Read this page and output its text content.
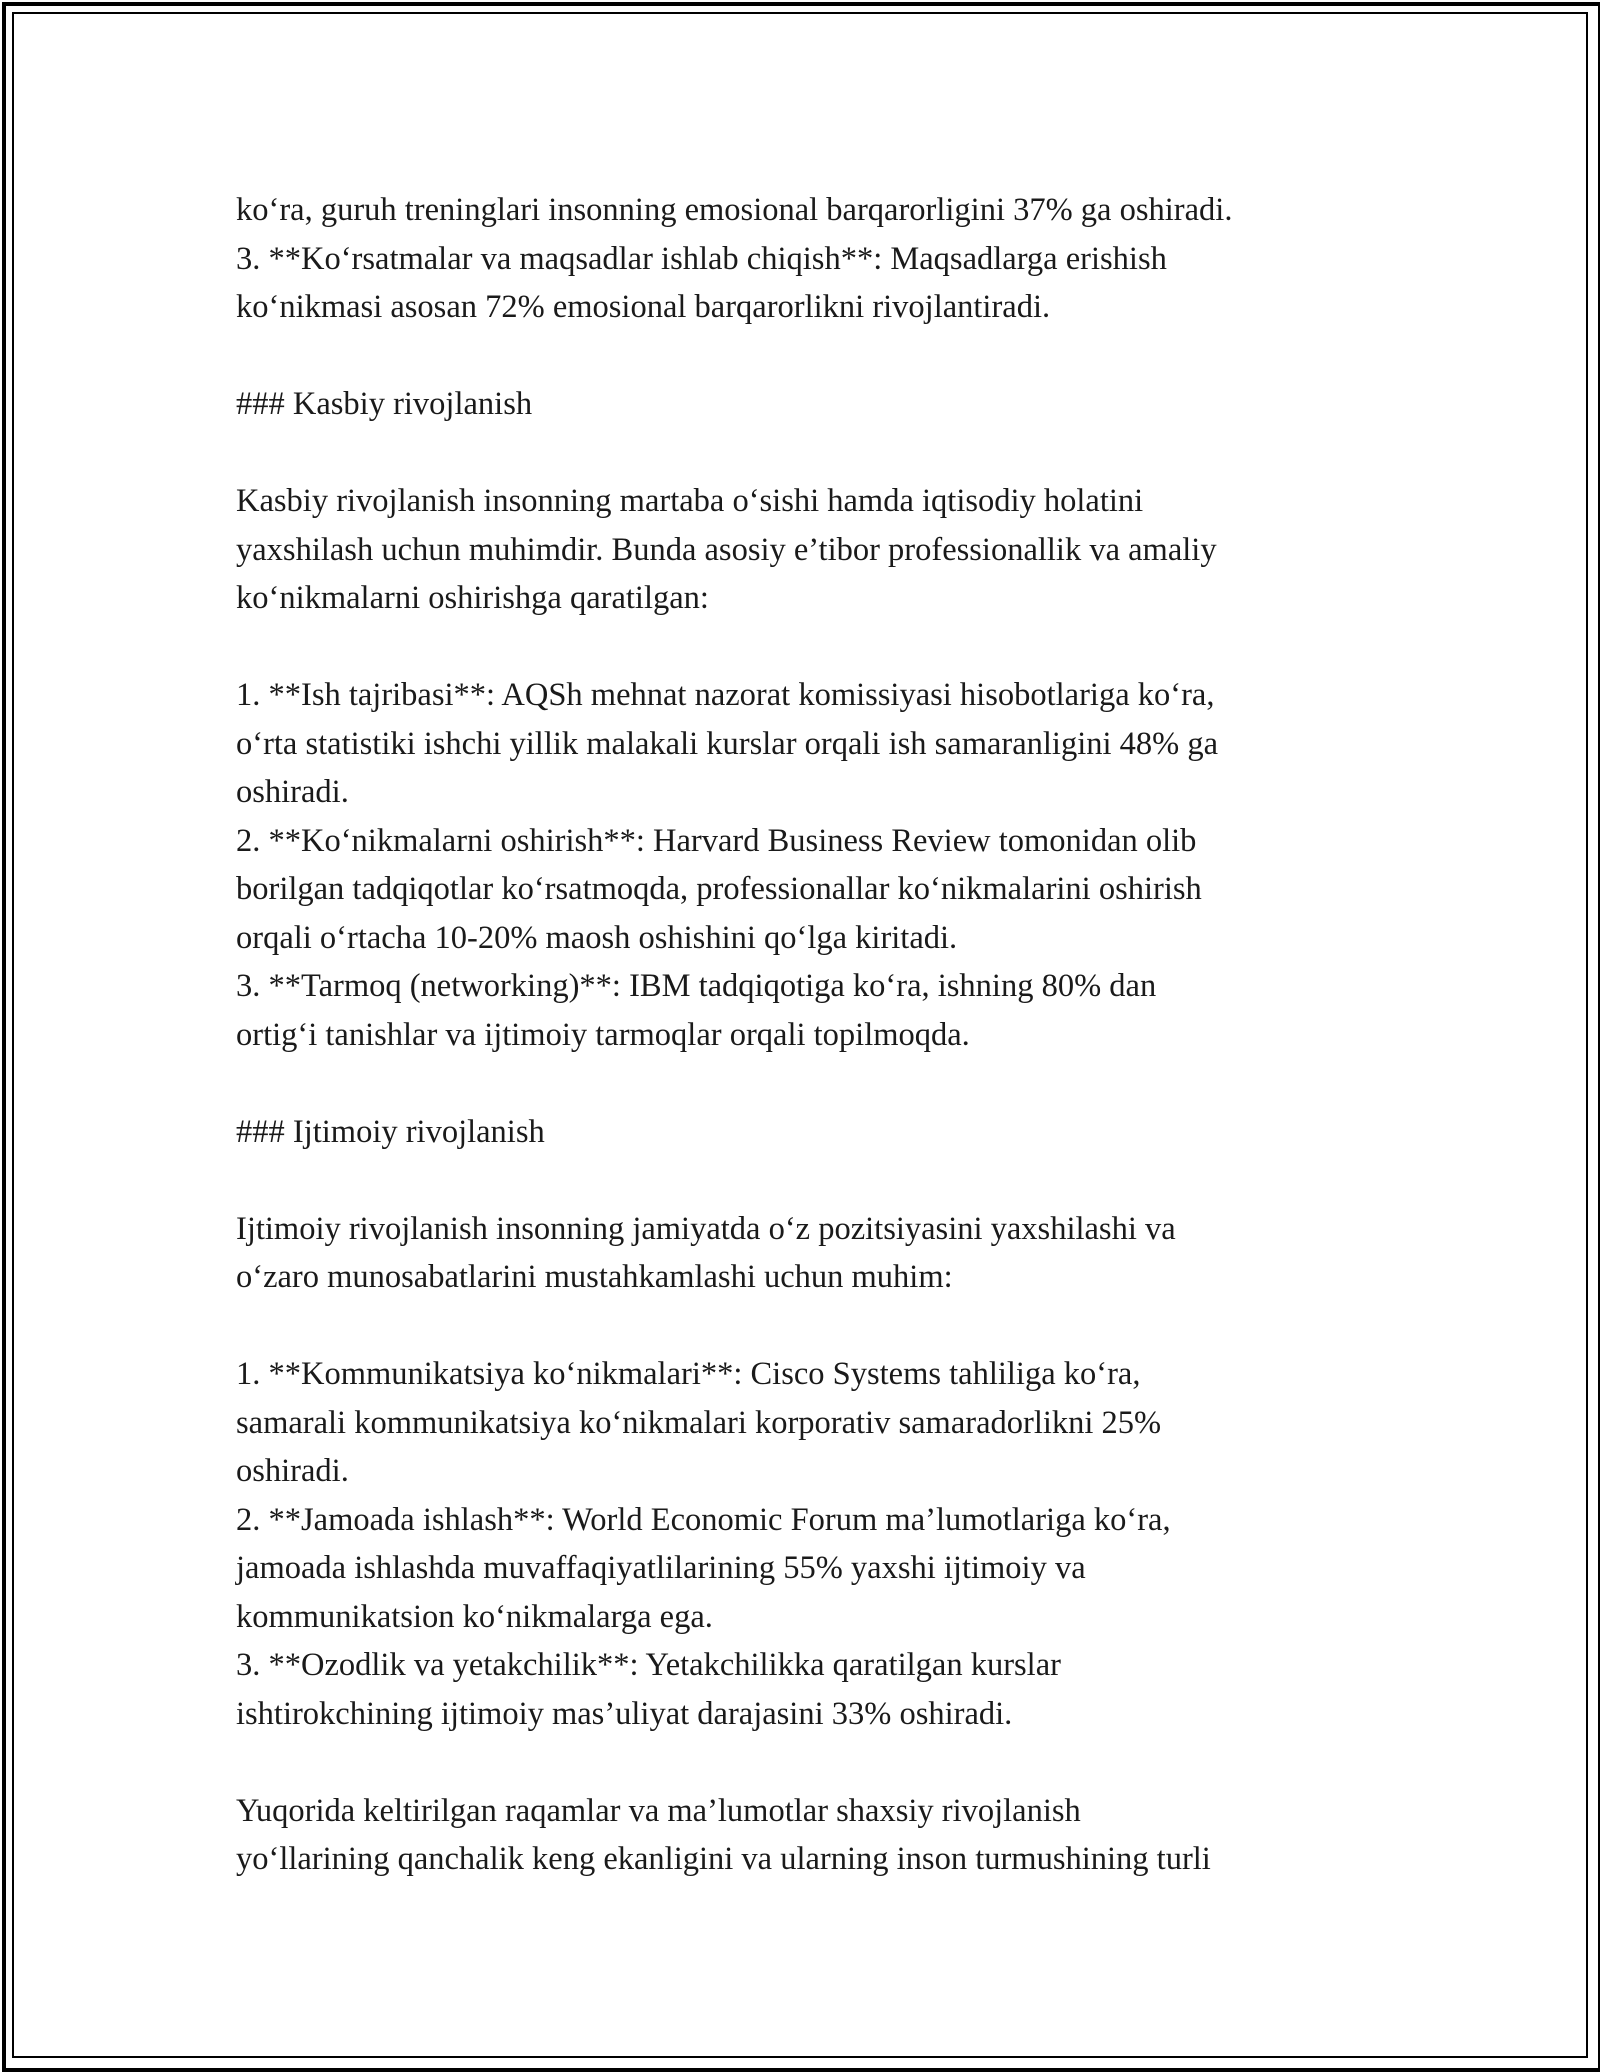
ko‘ra, guruh treninglari insonning emosional barqarorligini 37% ga oshiradi.
3. **Ko‘rsatmalar va maqsadlar ishlab chiqish**: Maqsadlarga erishish
ko‘nikmasi asosan 72% emosional barqarorlikni rivojlantiradi.
### Kasbiy rivojlanish
Kasbiy rivojlanish insonning martaba o‘sishi hamda iqtisodiy holatini
yaxshilash uchun muhimdir. Bunda asosiy e’tibor professionallik va amaliy
ko‘nikmalarni oshirishga qaratilgan:
1. **Ish tajribasi**: AQSh mehnat nazorat komissiyasi hisobotlariga ko‘ra,
o‘rta statistiki ishchi yillik malakali kurslar orqali ish samaranligini 48% ga
oshiradi.
2. **Ko‘nikmalarni oshirish**: Harvard Business Review tomonidan olib
borilgan tadqiqotlar ko‘rsatmoqda, professionallar ko‘nikmalarini oshirish
orqali o‘rtacha 10-20% maosh oshishini qo‘lga kiritadi.
3. **Tarmoq (networking)**: IBM tadqiqotiga ko‘ra, ishning 80% dan
ortig‘i tanishlar va ijtimoiy tarmoqlar orqali topilmoqda.
### Ijtimoiy rivojlanish
Ijtimoiy rivojlanish insonning jamiyatda o‘z pozitsiyasini yaxshilashi va
o‘zaro munosabatlarini mustahkamlashi uchun muhim:
1. **Kommunikatsiya ko‘nikmalari**: Cisco Systems tahliliga ko‘ra,
samarali kommunikatsiya ko‘nikmalari korporativ samaradorlikni 25%
oshiradi.
2. **Jamoada ishlash**: World Economic Forum ma’lumotlariga ko‘ra,
jamoada ishlashda muvaffaqiyatlilarining 55% yaxshi ijtimoiy va
kommunikatsion ko‘nikmalarga ega.
3. **Ozodlik va yetakchilik**: Yetakchilikka qaratilgan kurslar
ishtirokchining ijtimoiy mas’uliyat darajasini 33% oshiradi.
Yuqorida keltirilgan raqamlar va ma’lumotlar shaxsiy rivojlanish
yo‘llarining qanchalik keng ekanligini va ularning inson turmushining turli
